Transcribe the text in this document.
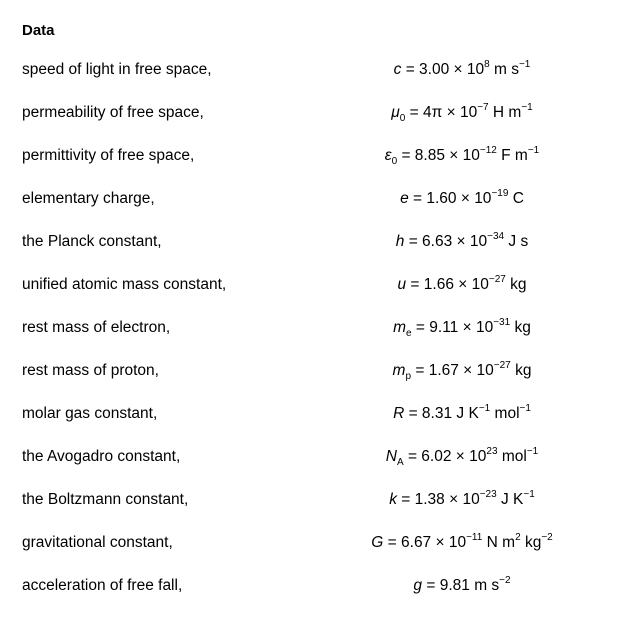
Data
speed of light in free space,	$c = 3.00 \times 10^8$ m $s^{-1}$
permeability of free space,	$\mu_0 = 4\pi \times 10^{-7}$ H $m^{-1}$
permittivity of free space,	$\varepsilon_0 = 8.85 \times 10^{-12}$ F $m^{-1}$
elementary charge,	$e = 1.60 \times 10^{-19}$ C
the Planck constant,	$h = 6.63 \times 10^{-34}$ J s
unified atomic mass constant,	$u = 1.66 \times 10^{-27}$ kg
rest mass of electron,	$m_e = 9.11 \times 10^{-31}$ kg
rest mass of proton,	$m_p = 1.67 \times 10^{-27}$ kg
molar gas constant,	R = 8.31 J $K^{-1}$ mol$^{-1}$
the Avogadro constant,	$N_A = 6.02 \times 10^{23}$ mol$^{-1}$
the Boltzmann constant,	$k = 1.38 \times 10^{-23}$ J $K^{-1}$
gravitational constant,	$G = 6.67 \times 10^{-11}$ N $m^2$ $kg^{-2}$
acceleration of free fall,	g = 9.81 m $s^{-2}$
